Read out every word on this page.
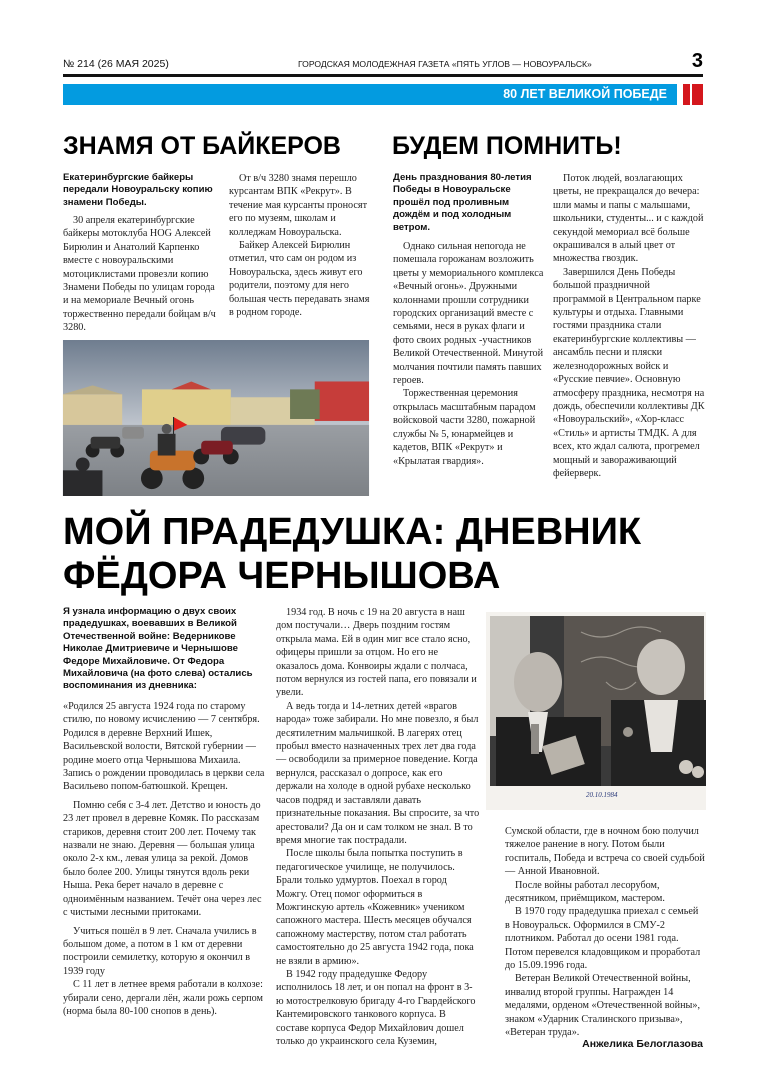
№ 214 (26 МАЯ 2025)	ГОРОДСКАЯ МОЛОДЕЖНАЯ ГАЗЕТА «ПЯТЬ УГЛОВ — НОВОУРАЛЬСК»	3
80 ЛЕТ ВЕЛИКОЙ ПОБЕДЕ
ЗНАМЯ ОТ БАЙКЕРОВ
Екатеринбургские байкеры передали Новоуральску копию знамени Победы.

30 апреля екатеринбургские байкеры мотоклуба HOG Алексей Бирюлин и Анатолий Карпенко вместе с новоуральскими мотоциклистами провезли копию Знамени Победы по улицам города и на мемориале Вечный огонь торжественно передали бойцам в/ч 3280.

От в/ч 3280 знамя перешло курсантам ВПК «Рекрут». В течение мая курсанты проносят его по музеям, школам и колледжам Новоуральска.

Байкер Алексей Бирюлин отметил, что сам он родом из Новоуральска, здесь живут его родители, поэтому для него большая честь передавать знамя в родном городе.

БУДЕМ ПОМНИТЬ!
День празднования 80-летия Победы в Новоуральске прошёл под проливным дождём и под холодным ветром.

Однако сильная непогода не помешала горожанам возложить цветы у мемориального комплекса «Вечный огонь». Дружными колоннами прошли сотрудники городских организаций вместе с семьями, неся в руках флаги и фото своих родных -участников Великой Отечественной. Минутой молчания почтили память павших героев.

Торжественная церемония открылась масштабным парадом войсковой части 3280, пожарной службы № 5, юнармейцев и кадетов, ВПК «Рекрут» и «Крылатая гвардия».

Поток людей, возлагающих цветы, не прекращался до вечера: шли мамы и папы с малышами, школьники, студенты... и с каждой секундой мемориал всё больше окрашивался в алый цвет от множества гвоздик.

Завершился День Победы большой праздничной программой в Центральном парке культуры и отдыха. Главными гостями праздника стали екатеринбургские коллективы — ансамбль песни и пляски железнодорожных войск и «Русские певчие». Основную атмосферу праздника, несмотря на дождь, обеспечили коллективы ДК «Новоуральский», «Хор-класс «Стиль» и артисты ТМДК. А для всех, кто ждал салюта, прогремел мощный и завораживающий фейерверк.

МОЙ ПРАДЕДУШКА: ДНЕВНИК ФЁДОРА ЧЕРНЫШОВА
Я узнала информацию о двух своих прадедушках, воевавших в Великой Отечественной войне: Ведерникове Николае Дмитриевиче и Чернышове Федоре Михайловиче. От Федора Михайловича (на фото слева) остались воспоминания из дневника:

«Родился 25 августа 1924 года по старому стилю, по новому исчислению — 7 сентября. Родился в деревне Верхний Ишек, Васильевской волости, Вятской губернии — родине моего отца Чернышова Михаила. Запись о рождении проводилась в церкви села Васильево попом-батюшкой. Крещен.

Помню себя с 3-4 лет. Детство и юность до 23 лет провел в деревне Комяк. По рассказам стариков, деревня стоит 200 лет. Почему так назвали не знаю. Деревня — большая улица около 2-х км., левая улица за рекой. Домов было более 200. Улицы тянутся вдоль реки Ныша. Река берет начало в деревне с одноимённым названием. Течёт она через лес с чистыми лесными притоками.

Учиться пошёл в 9 лет. Сначала учились в большом доме, а потом в 1 км от деревни построили семилетку, которую я окончил в 1939 году

С 11 лет в летнее время работали в колхозе: убирали сено, дергали лён, жали рожь серпом (норма была 80-100 снопов в день).

1934 год. В ночь с 19 на 20 августа в наш дом постучали… Дверь поздним гостям открыла мама. Ей в один миг все стало ясно, офицеры пришли за отцом. Но его не оказалось дома. Конвоиры ждали с полчаса, потом вернулся из гостей папа, его повязали и увели.

А ведь тогда и 14-летних детей «врагов народа» тоже забирали. Но мне повезло, я был десятилетним мальчишкой. В лагерях отец пробыл вместо назначенных трех лет два года — освободили за примерное поведение. Когда вернулся, рассказал о допросе, как его держали на холоде в одной рубахе несколько часов подряд и заставляли давать признательные показания. Вы спросите, за что арестовали? Да он и сам толком не знал. В то время многие так пострадали.

После школы была попытка поступить в педагогическое училище, не получилось. Брали только удмуртов. Поехал в город Можгу. Отец помог оформиться в Можгинскую артель «Кожевник» учеником сапожного мастера. Шесть месяцев обучался сапожному мастерству, потом стал работать самостоятельно до 25 августа 1942 года, пока не взяли в армию».

В 1942 году прадедушке Федору исполнилось 18 лет, и он попал на фронт в 3-ю мотострелковую бригаду 4-го Гвардейского Кантемировского танкового корпуса. В составе корпуса Федор Михайлович дошел только до украинского села Куземин,

20.10.1984

Сумской области, где в ночном бою получил тяжелое ранение в ногу. Потом были госпиталь, Победа и встреча со своей судьбой — Анной Ивановной.

После войны работал лесорубом, десятником, приёмщиком, мастером.

В 1970 году прадедушка приехал с семьей в Новоуральск. Оформился в СМУ-2 плотником. Работал до осени 1981 года. Потом перевелся кладовщиком и проработал до 15.09.1996 года.

Ветеран Великой Отечественной войны, инвалид второй группы. Награжден 14 медалями, орденом «Отечественной войны», знаком «Ударник Сталинского призыва», «Ветеран труда».

Анжелика Белоглазова
